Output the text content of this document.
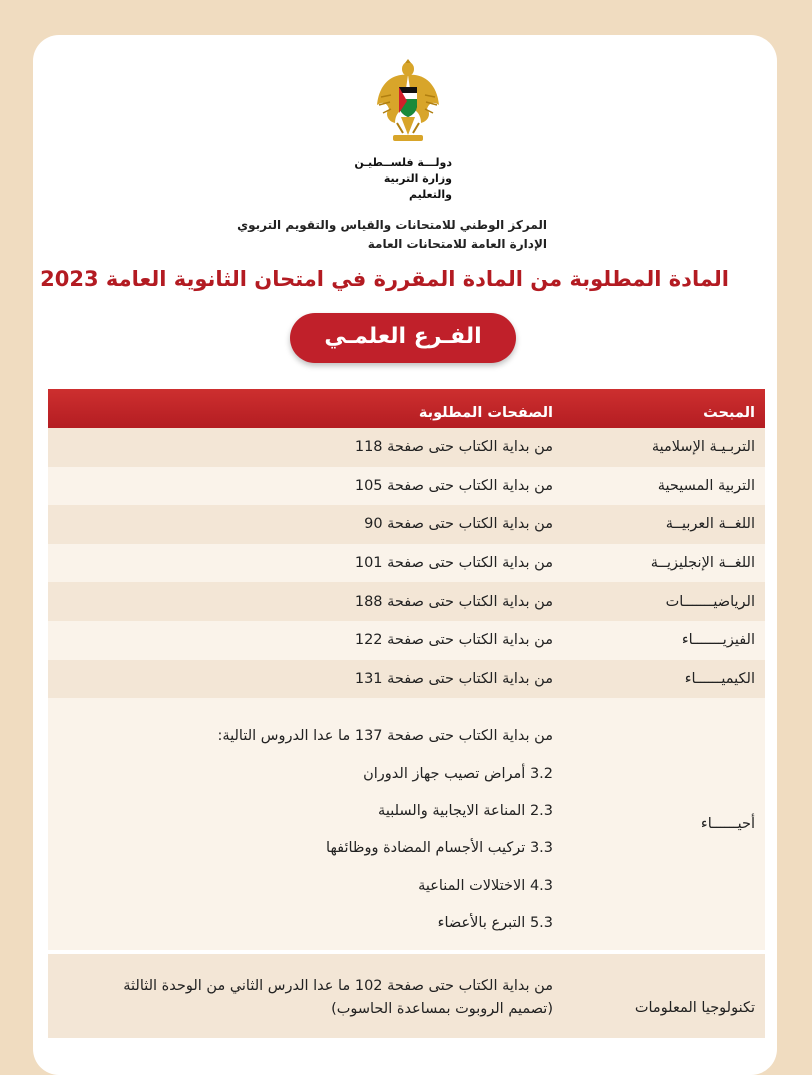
دولـــة فلســطيـن
وزارة التربية والتعليم
المركز الوطني للامتحانات والقياس والتقويم التربوي
الإدارة العامة للامتحانات العامة
المادة المطلوبة من المادة المقررة في امتحان الثانوية العامة 2023
الفـرع العلمـي
المبحث
الصفحات المطلوبة
التربـيـة الإسلامية
من بداية الكتاب حتى صفحة 118
التربية المسيحية
من بداية الكتاب حتى صفحة 105
اللغــة العربيــة
من بداية الكتاب حتى صفحة 90
اللغــة الإنجليزيــة
من بداية الكتاب حتى صفحة 101
الرياضيـــــــات
من بداية الكتاب حتى صفحة 188
الفيزيـــــــاء
من بداية الكتاب حتى صفحة 122
الكيميــــــاء
من بداية الكتاب حتى صفحة 131
أحيــــــاء
من بداية الكتاب حتى صفحة 137 ما عدا الدروس التالية:
3.2 أمراض تصيب جهاز الدوران
2.3 المناعة الايجابية والسلبية
3.3 تركيب الأجسام المضادة ووظائفها
4.3 الاختلالات المناعية
5.3 التبرع بالأعضاء
تكنولوجيا المعلومات
من بداية الكتاب حتى صفحة 102 ما عدا الدرس الثاني من الوحدة الثالثة
(تصميم الروبوت بمساعدة الحاسوب)
